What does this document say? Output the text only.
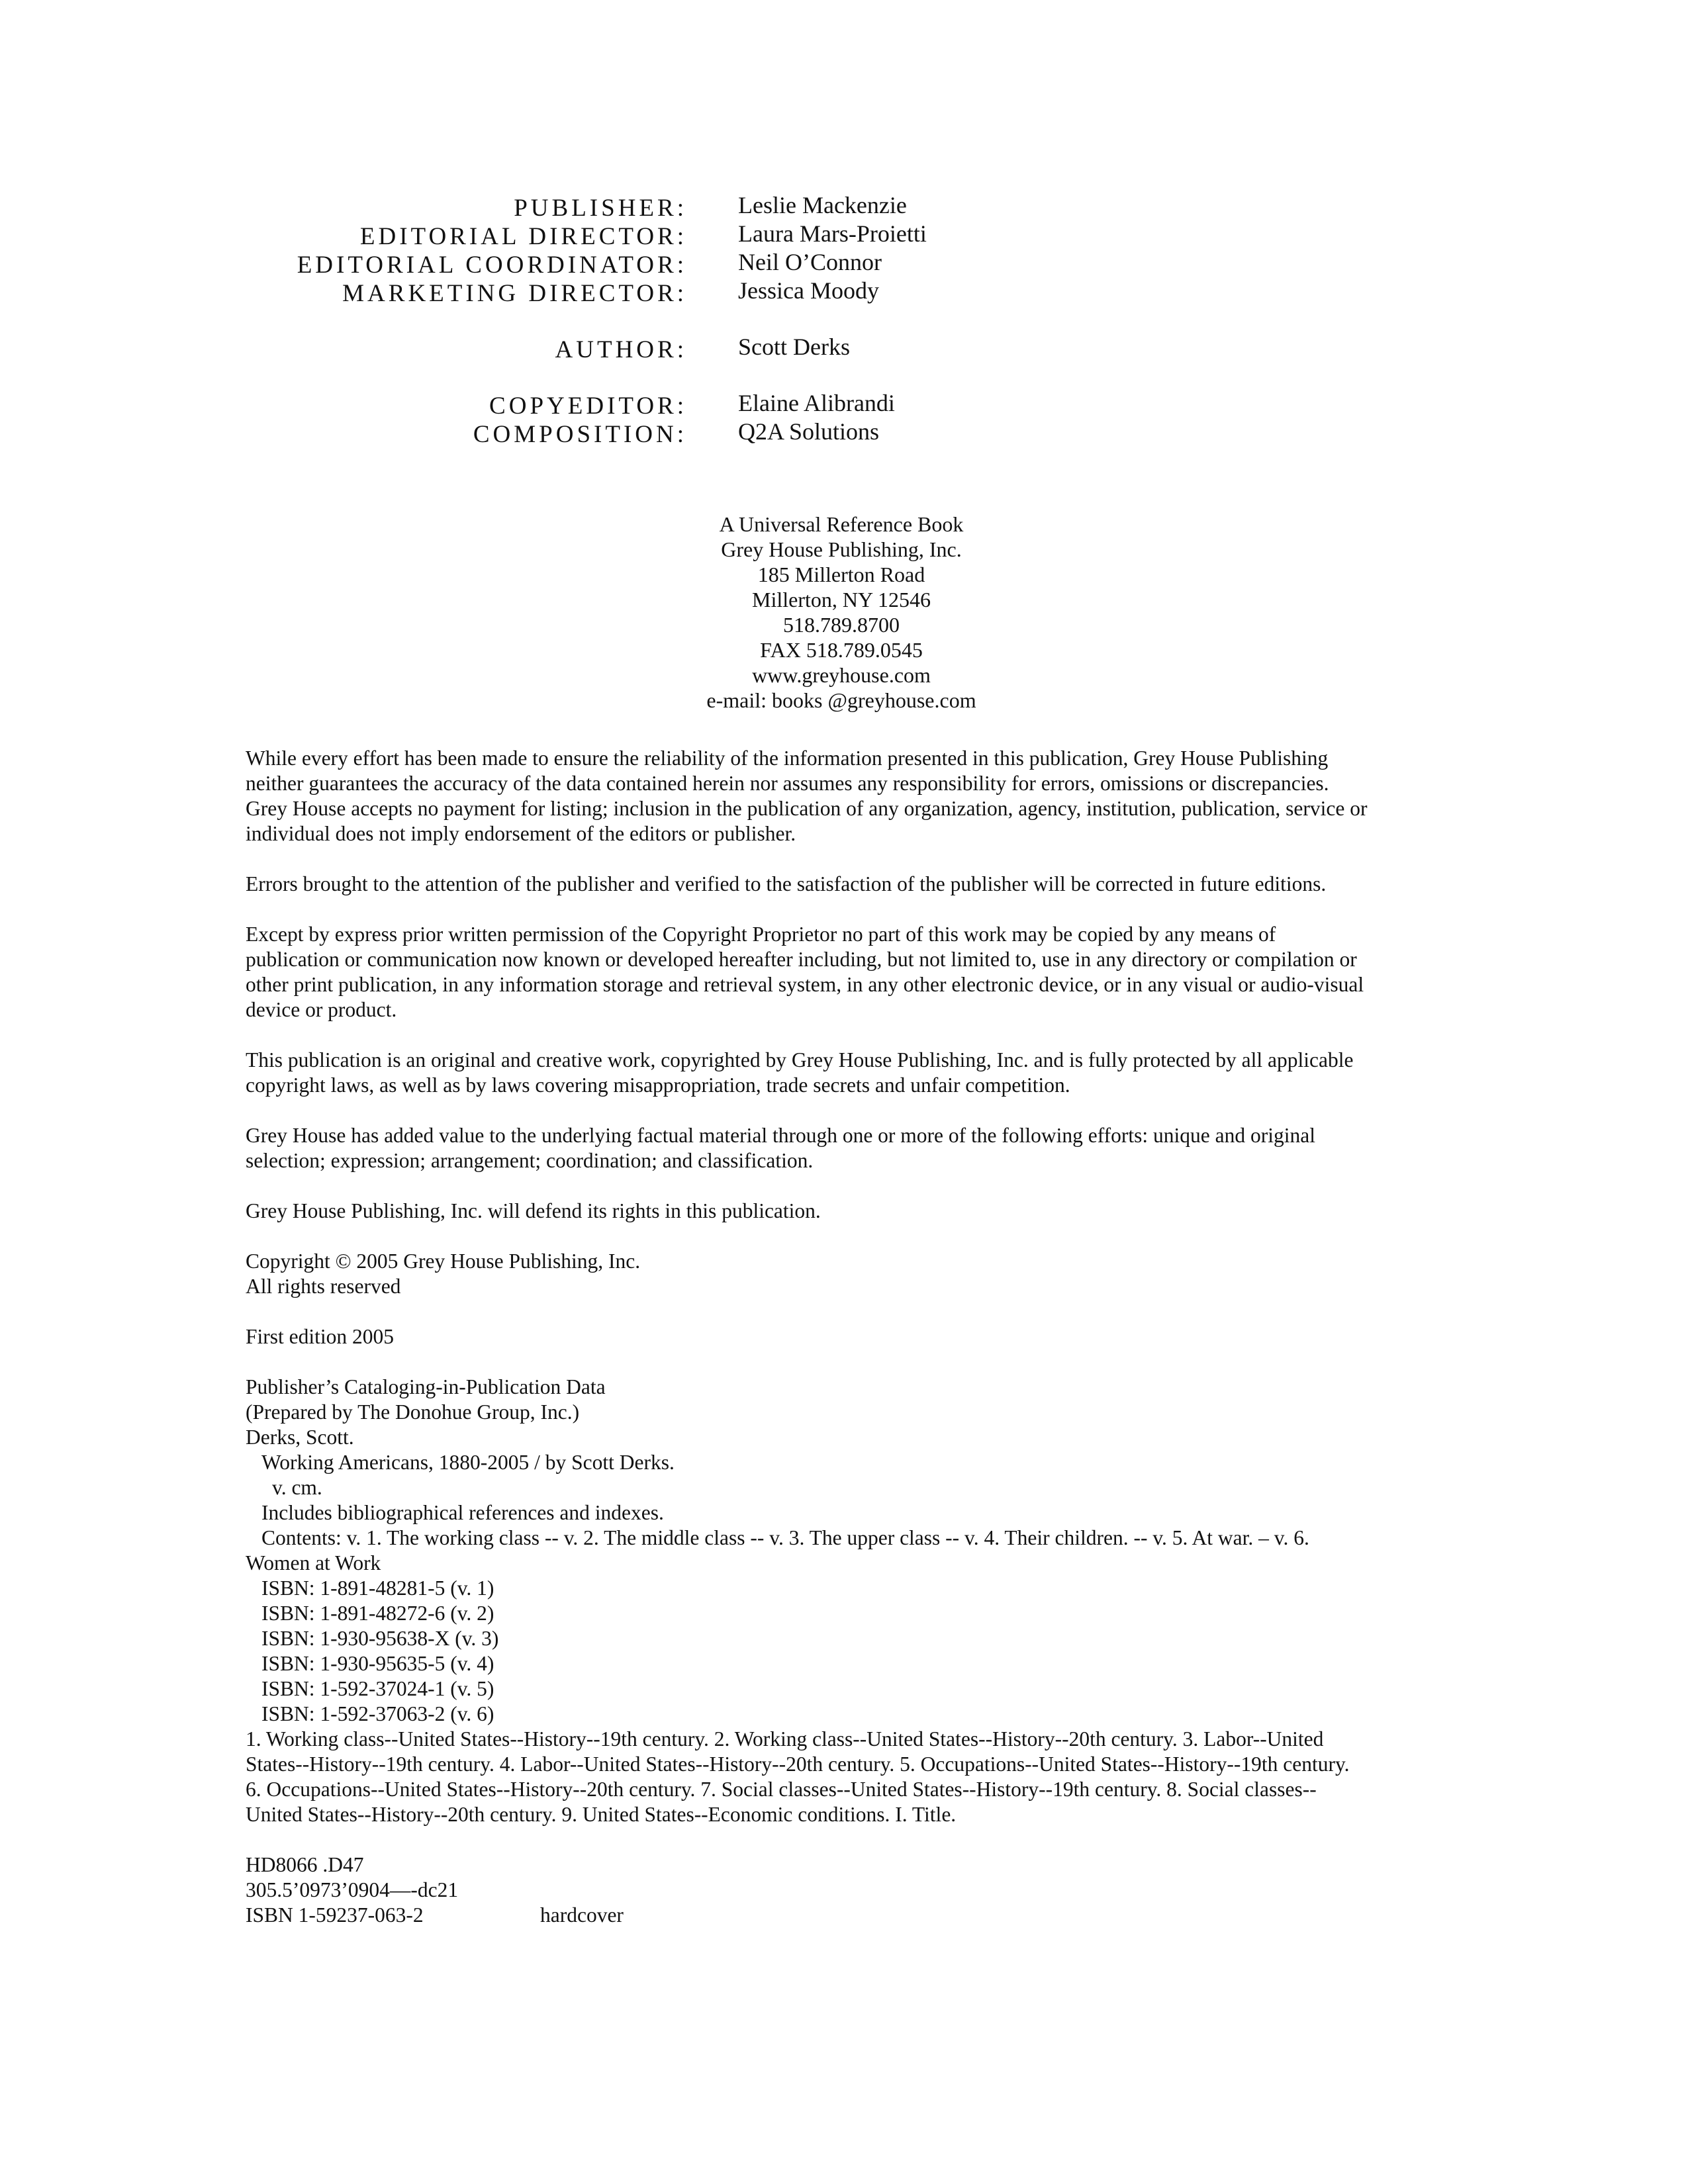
PUBLISHER: Leslie Mackenzie
EDITORIAL DIRECTOR: Laura Mars-Proietti
EDITORIAL COORDINATOR: Neil O’Connor
MARKETING DIRECTOR: Jessica Moody
AUTHOR: Scott Derks
COPYEDITOR: Elaine Alibrandi
COMPOSITION: Q2A Solutions
A Universal Reference Book
Grey House Publishing, Inc.
185 Millerton Road
Millerton, NY 12546
518.789.8700
FAX 518.789.0545
www.greyhouse.com
e-mail: books @greyhouse.com
While every effort has been made to ensure the reliability of the information presented in this publication, Grey House Publishing
neither guarantees the accuracy of the data contained herein nor assumes any responsibility for errors, omissions or discrepancies.
Grey House accepts no payment for listing; inclusion in the publication of any organization, agency, institution, publication, service or
individual does not imply endorsement of the editors or publisher.
Errors brought to the attention of the publisher and verified to the satisfaction of the publisher will be corrected in future editions.
Except by express prior written permission of the Copyright Proprietor no part of this work may be copied by any means of
publication or communication now known or developed hereafter including, but not limited to, use in any directory or compilation or
other print publication, in any information storage and retrieval system, in any other electronic device, or in any visual or audio-visual
device or product.
This publication is an original and creative work, copyrighted by Grey House Publishing, Inc. and is fully protected by all applicable
copyright laws, as well as by laws covering misappropriation, trade secrets and unfair competition.
Grey House has added value to the underlying factual material through one or more of the following efforts: unique and original
selection; expression; arrangement; coordination; and classification.
Grey House Publishing, Inc. will defend its rights in this publication.
Copyright © 2005 Grey House Publishing, Inc.
All rights reserved
First edition 2005
Publisher’s Cataloging-in-Publication Data
(Prepared by The Donohue Group, Inc.)
Derks, Scott.
Working Americans, 1880-2005 / by Scott Derks.
v. cm.
Includes bibliographical references and indexes.
Contents: v. 1. The working class -- v. 2. The middle class -- v. 3. The upper class -- v. 4. Their children. -- v. 5. At war. – v. 6.
Women at Work
ISBN: 1-891-48281-5 (v. 1)
ISBN: 1-891-48272-6 (v. 2)
ISBN: 1-930-95638-X (v. 3)
ISBN: 1-930-95635-5 (v. 4)
ISBN: 1-592-37024-1 (v. 5)
ISBN: 1-592-37063-2 (v. 6)
1. Working class--United States--History--19th century. 2. Working class--United States--History--20th century. 3. Labor--United
States--History--19th century. 4. Labor--United States--History--20th century. 5. Occupations--United States--History--19th century.
6. Occupations--United States--History--20th century. 7. Social classes--United States--History--19th century. 8. Social classes--
United States--History--20th century. 9. United States--Economic conditions. I. Title.
HD8066 .D47
305.5’0973’0904—-dc21
ISBN 1-59237-063-2	hardcover
